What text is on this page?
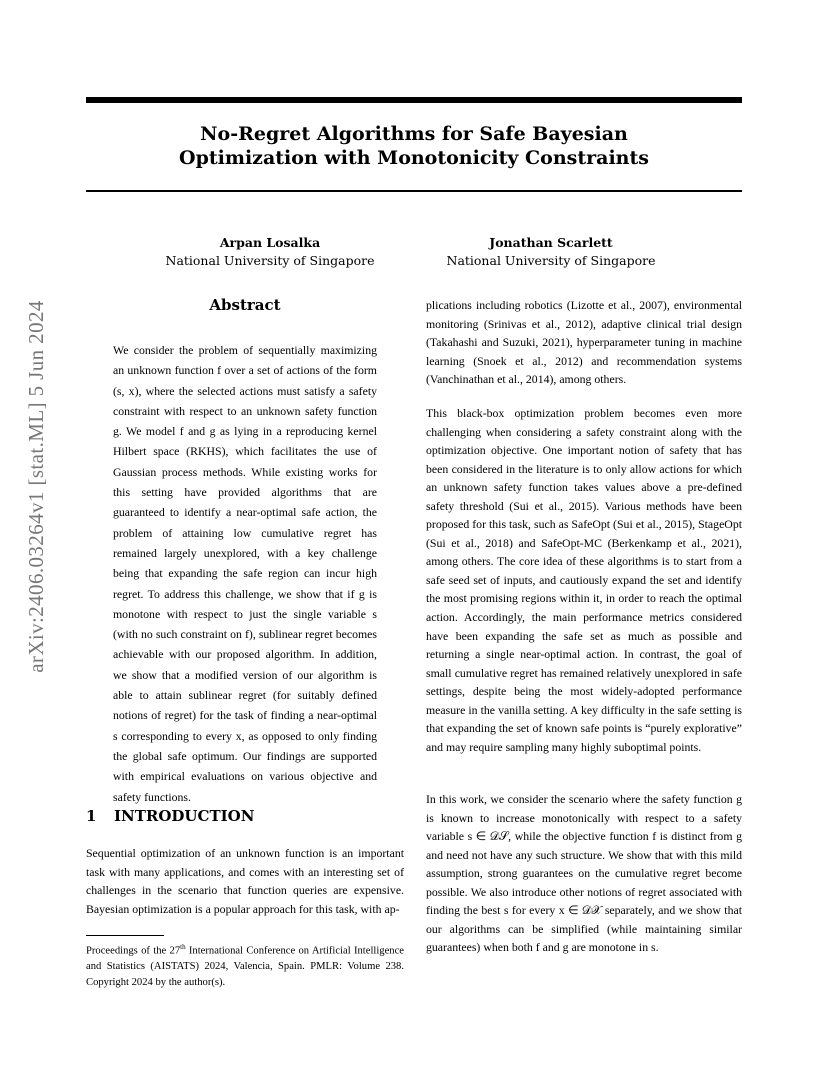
No-Regret Algorithms for Safe Bayesian
Optimization with Monotonicity Constraints
Arpan Losalka
National University of Singapore
Jonathan Scarlett
National University of Singapore
arXiv:2406.03264v1 [stat.ML] 5 Jun 2024	Abstract

We consider the problem of sequentially maximizing an unknown function f over a set of actions of the form (s, x), where the selected actions must satisfy a safety constraint with respect to an unknown safety function g. We model f and g as lying in a reproducing kernel Hilbert space (RKHS), which facilitates the use of Gaussian process methods. While existing works for this setting have provided algorithms that are guaranteed to identify a near-optimal safe action, the problem of attaining low cumulative regret has remained largely unexplored, with a key challenge being that expanding the safe region can incur high regret. To address this challenge, we show that if g is monotone with respect to just the single variable s (with no such constraint on f), sublinear regret becomes achievable with our proposed algorithm. In addition, we show that a modified version of our algorithm is able to attain sublinear regret (for suitably defined notions of regret) for the task of finding a near-optimal s corresponding to every x, as opposed to only finding the global safe optimum. Our findings are supported with empirical evaluations on various objective and safety functions.

1 INTRODUCTION

Sequential optimization of an unknown function is an important task with many applications, and comes with an interesting set of challenges in the scenario that function queries are expensive. Bayesian optimization is a popular approach for this task, with ap-

Proceedings of the 27th International Conference on Artificial Intelligence and Statistics (AISTATS) 2024, Valencia, Spain. PMLR: Volume 238. Copyright 2024 by the author(s).

plications including robotics (Lizotte et al., 2007), environmental monitoring (Srinivas et al., 2012), adaptive clinical trial design (Takahashi and Suzuki, 2021), hyperparameter tuning in machine learning (Snoek et al., 2012) and recommendation systems (Vanchinathan et al., 2014), among others.

This black-box optimization problem becomes even more challenging when considering a safety constraint along with the optimization objective. One important notion of safety that has been considered in the literature is to only allow actions for which an unknown safety function takes values above a pre-defined safety threshold (Sui et al., 2015). Various methods have been proposed for this task, such as SafeOpt (Sui et al., 2015), StageOpt (Sui et al., 2018) and SafeOpt-MC (Berkenkamp et al., 2021), among others. The core idea of these algorithms is to start from a safe seed set of inputs, and cautiously expand the set and identify the most promising regions within it, in order to reach the optimal action. Accordingly, the main performance metrics considered have been expanding the safe set as much as possible and returning a single near-optimal action. In contrast, the goal of small cumulative regret has remained relatively unexplored in safe settings, despite being the most widely-adopted performance measure in the vanilla setting. A key difficulty in the safe setting is that expanding the set of known safe points is “purely explorative” and may require sampling many highly suboptimal points.

In this work, we consider the scenario where the safety function g is known to increase monotonically with respect to a safety variable s ∈ 𝒟𝒮, while the objective function f is distinct from g and need not have any such structure. We show that with this mild assumption, strong guarantees on the cumulative regret become possible. We also introduce other notions of regret associated with finding the best s for every x ∈ 𝒟𝒳 separately, and we show that our algorithms can be simplified (while maintaining similar guarantees) when both f and g are monotone in s.
